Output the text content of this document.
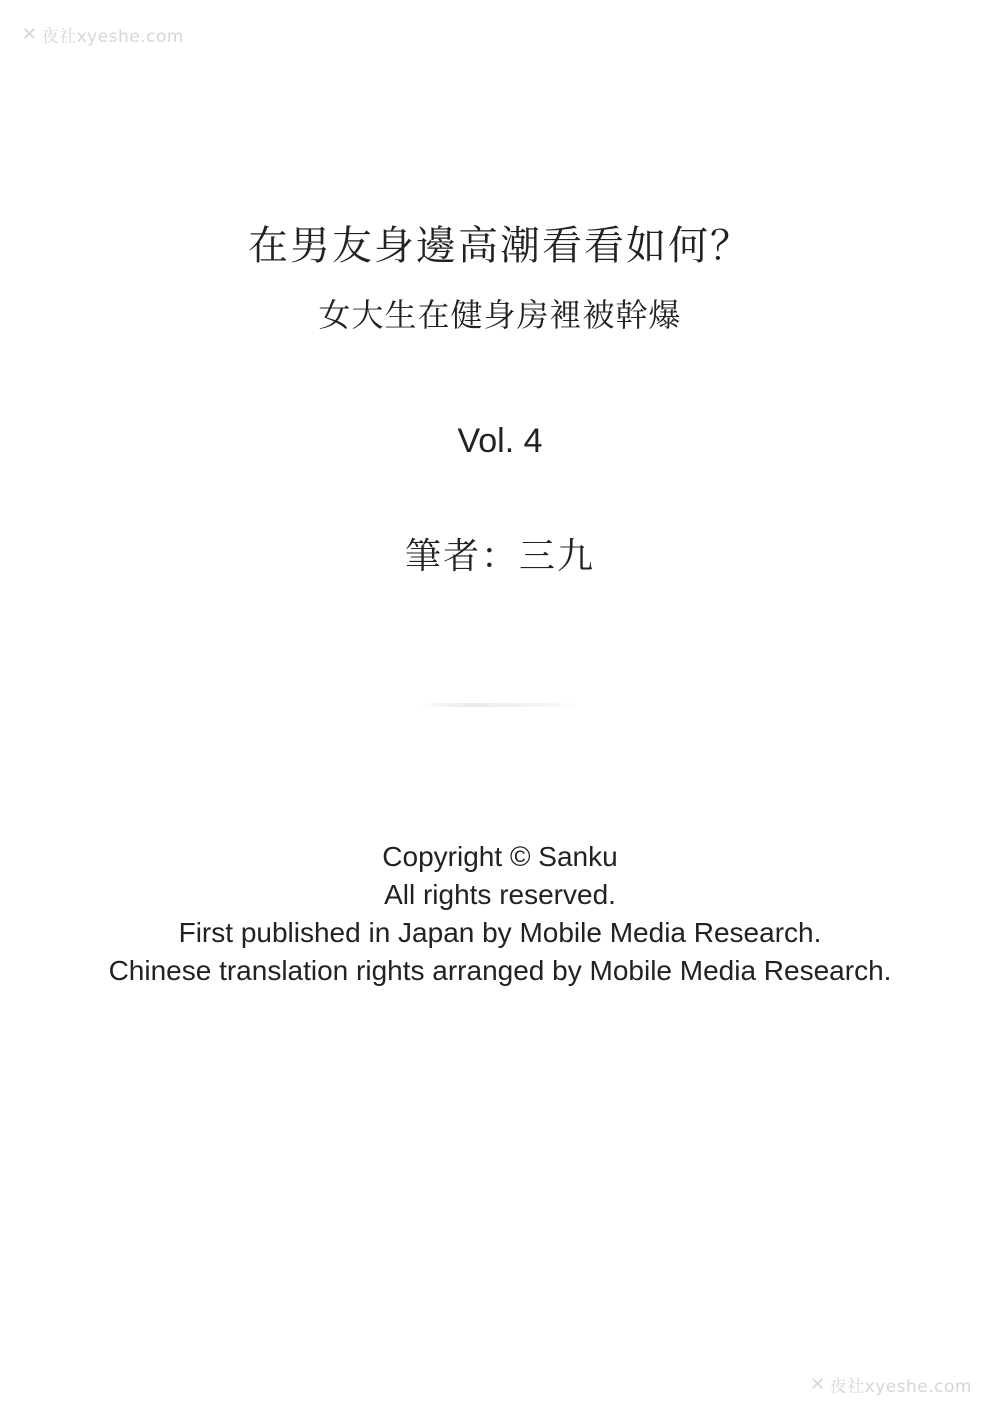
✕ 夜社xyeshe.com
在男友身邊高潮看看如何？
女大生在健身房裡被幹爆
Vol. 4
筆者：三九
Copyright © Sanku
All rights reserved.
First published in Japan by Mobile Media Research.
Chinese translation rights arranged by Mobile Media Research.
✕ 夜社xyeshe.com
